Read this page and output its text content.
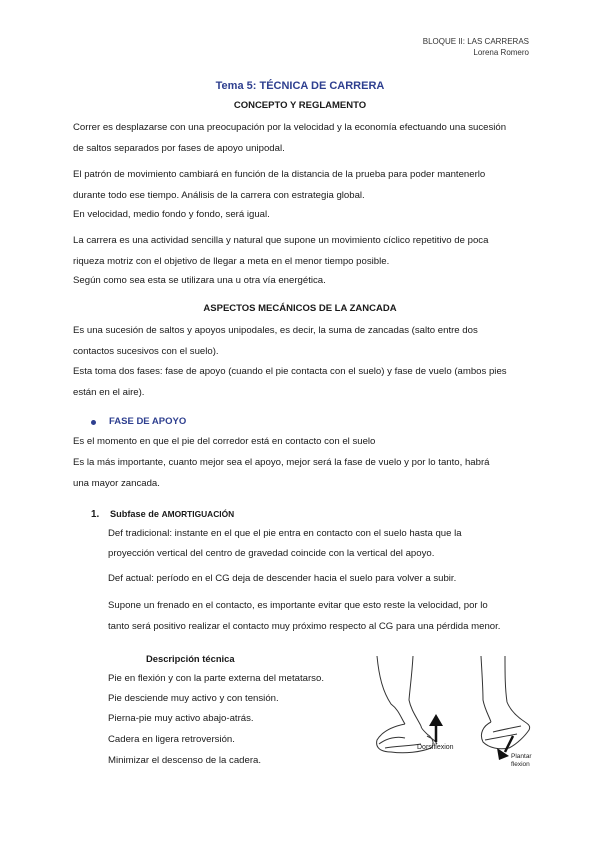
BLOQUE II: LAS CARRERAS
Lorena Romero
Tema 5: TÉCNICA DE CARRERA
CONCEPTO Y REGLAMENTO
Correr es desplazarse con una preocupación por la velocidad y la economía efectuando una sucesión
de saltos separados por fases de apoyo unipodal.
El patrón de movimiento cambiará en función de la distancia de la prueba para poder mantenerlo
durante todo ese tiempo. Análisis de la carrera con estrategia global.
En velocidad, medio fondo y fondo, será igual.
La carrera es una actividad sencilla y natural que supone un movimiento cíclico repetitivo de poca
riqueza motriz con el objetivo de llegar a meta en el menor tiempo posible.
Según como sea esta se utilizara una u otra vía energética.
ASPECTOS MECÁNICOS DE LA ZANCADA
Es una sucesión de saltos y apoyos unipodales, es decir, la suma de zancadas (salto entre dos
contactos sucesivos con el suelo).
Esta toma dos fases: fase de apoyo (cuando el pie contacta con el suelo) y fase de vuelo (ambos pies
están en el aire).
FASE DE APOYO
Es el momento en que el pie del corredor está en contacto con el suelo
Es la más importante, cuanto mejor sea el apoyo, mejor será la fase de vuelo y por lo tanto, habrá
una mayor zancada.
1. Subfase de AMORTIGUACIÓN
Def tradicional: instante en el que el pie entra en contacto con el suelo hasta que la
proyección vertical del centro de gravedad coincide con la vertical del apoyo.
Def actual: período en el CG deja de descender hacia el suelo para volver a subir.
Supone un frenado en el contacto, es importante evitar que esto reste la velocidad, por lo
tanto será positivo realizar el contacto muy próximo respecto al CG para una pérdida menor.
Descripción técnica
Pie en flexión y con la parte externa del metatarso.
Pie desciende muy activo y con tensión.
Pierna-pie muy activo abajo-atrás.
Cadera en ligera retroversión.
Minimizar el descenso de la cadera.
Dorsiflexion
Plantar
flexion
